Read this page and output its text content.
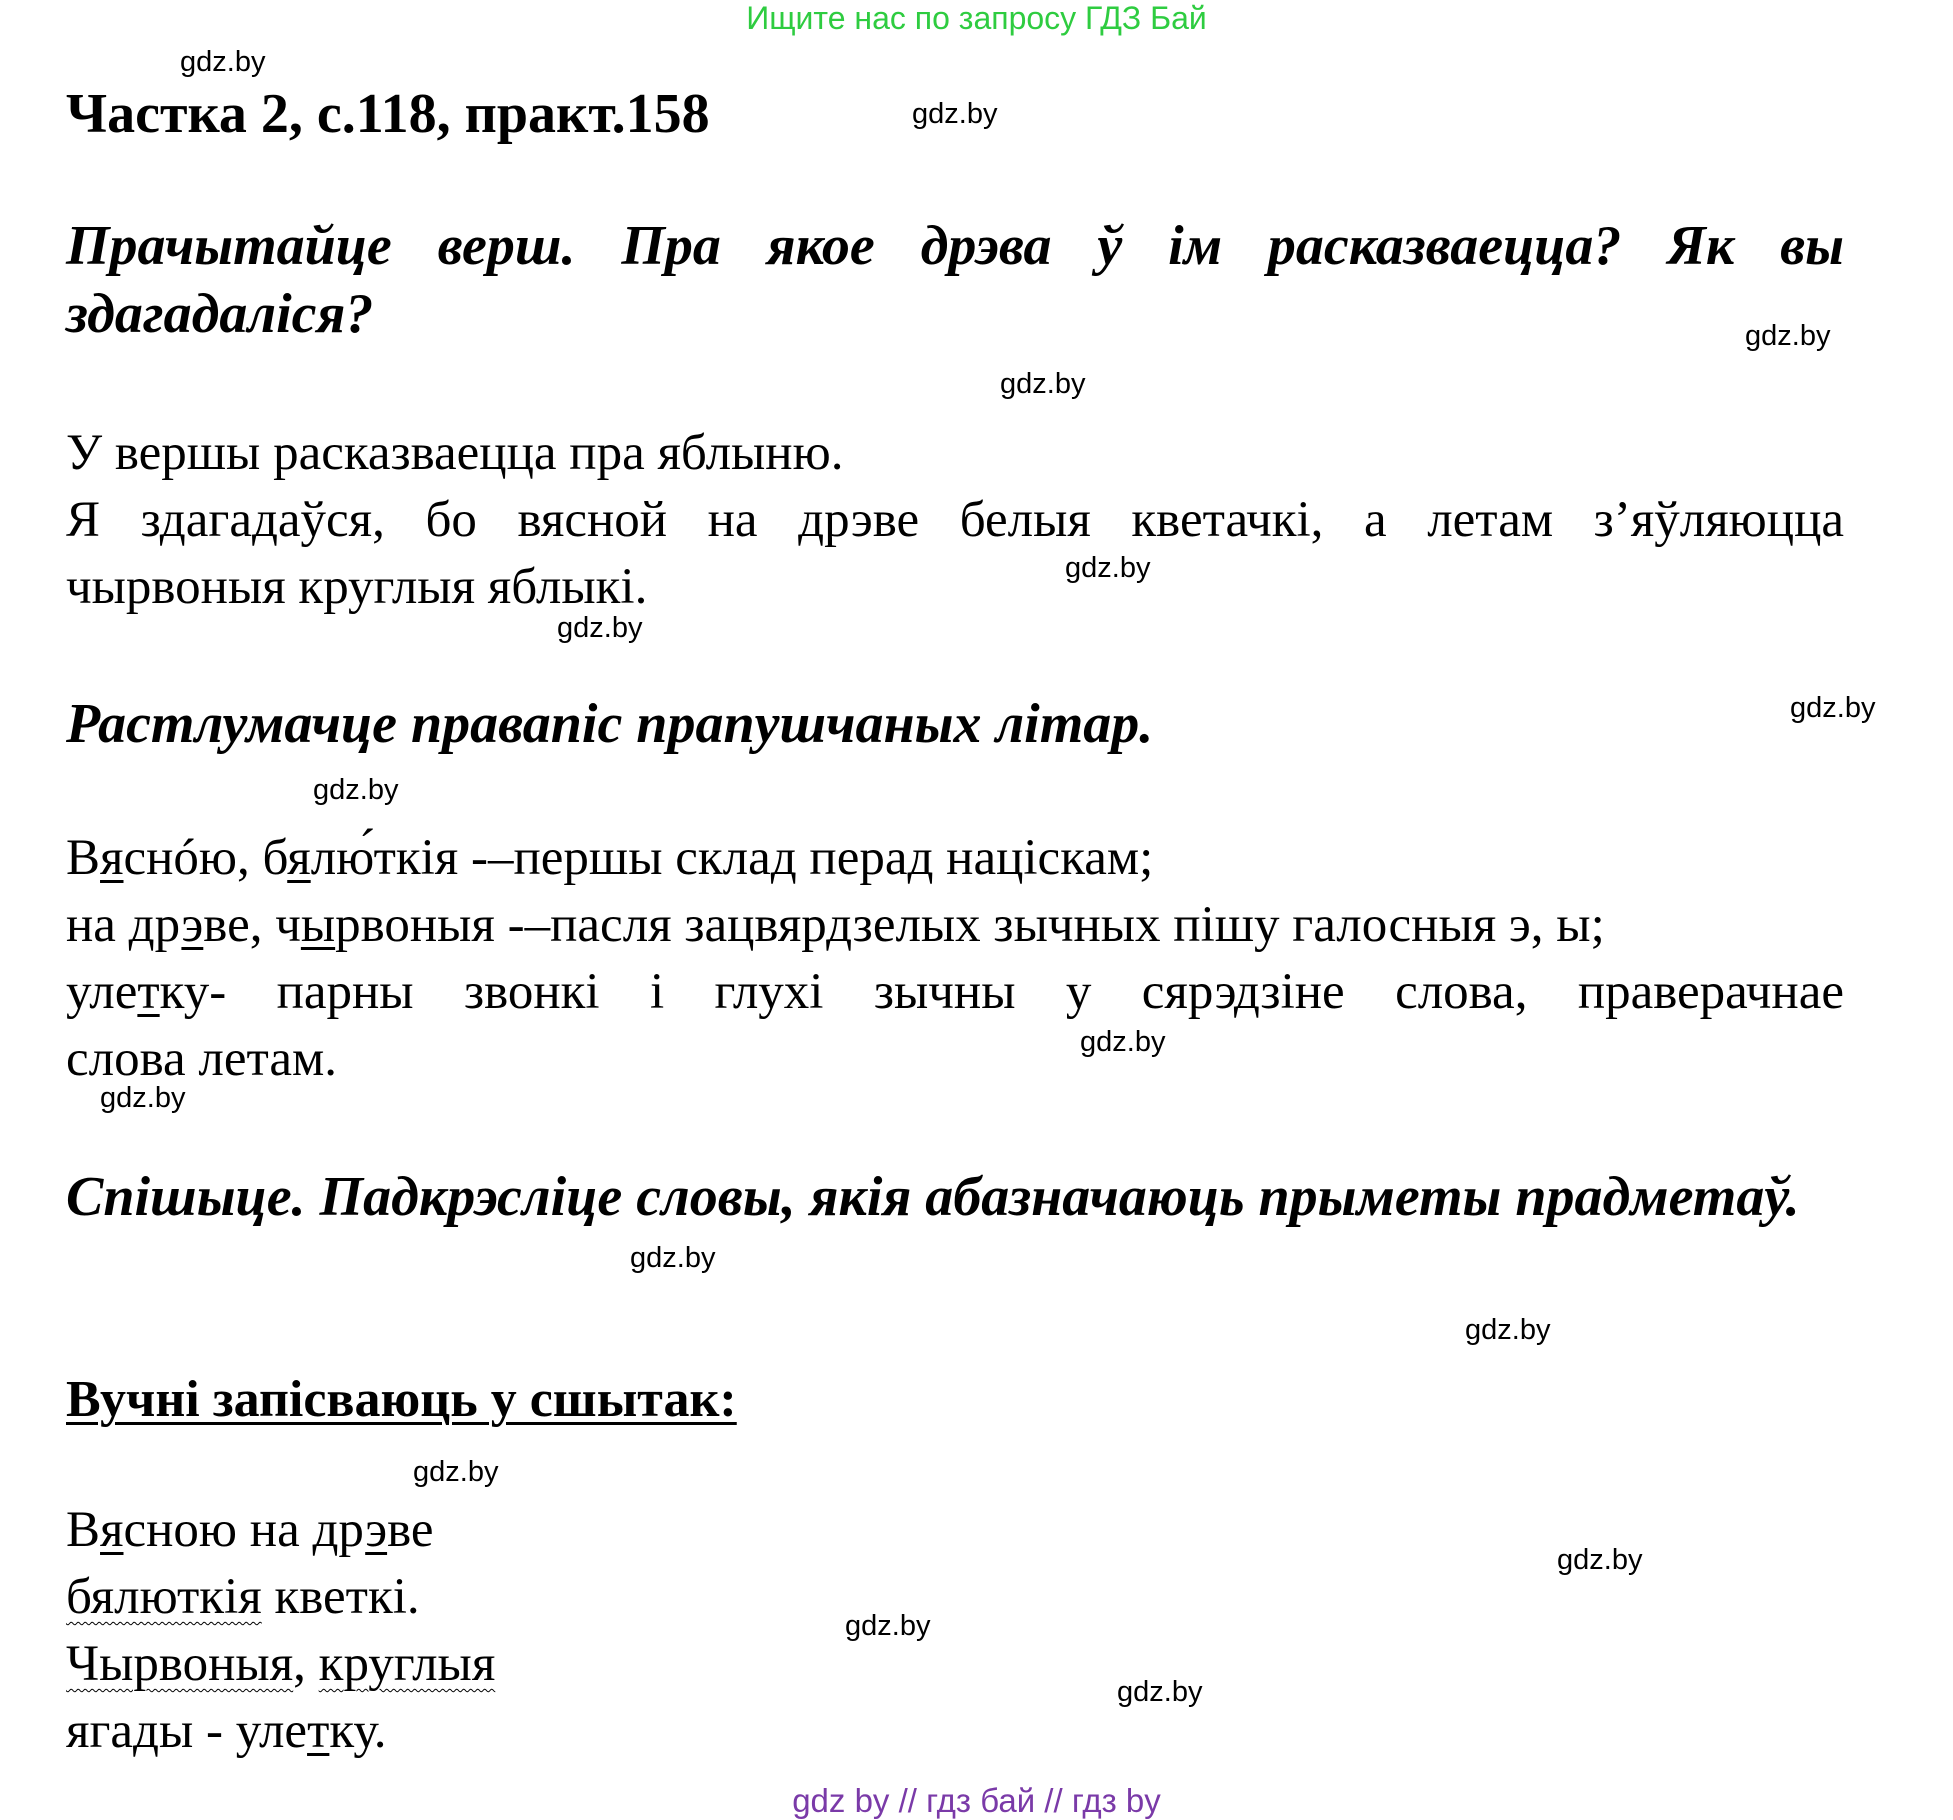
Ищите нас по запросу ГДЗ Бай
gdz.by
gdz.by
gdz.by
gdz.by
gdz.by
gdz.by
gdz.by
gdz.by
gdz.by
gdz.by
gdz.by
gdz.by
gdz.by
gdz.by
gdz.by
gdz.by
Частка 2, с.118, практ.158
Прачытайце верш. Пра якое дрэва ў ім расказваецца? Як вы здагадаліся?
У вершы расказваецца пра яблыню.
Я здагадаўся, бо вясной на дрэве белыя кветачкі, а летам з’яўляюцца
чырвоныя круглыя яблыкі.
Растлумачце правапіс прапушчаных літар.
Вяснóю, бялю́ткія -–першы склад перад націскам;
на дрэве, чырвоныя -–пасля зацвярдзелых зычных пішу галосныя э, ы;
улетку- парны звонкі і глухі зычны у сярэдзіне слова, праверачнае
слова летам.
Спішыце. Падкрэсліце словы, якія абазначаюць прыметы прадметаў.
Вучні запісваюць у сшытак:
Вясною на дрэве
бялюткія кветкі.
Чырвоныя, круглыя
ягады - улетку.
gdz by // гдз бай // гдз by
